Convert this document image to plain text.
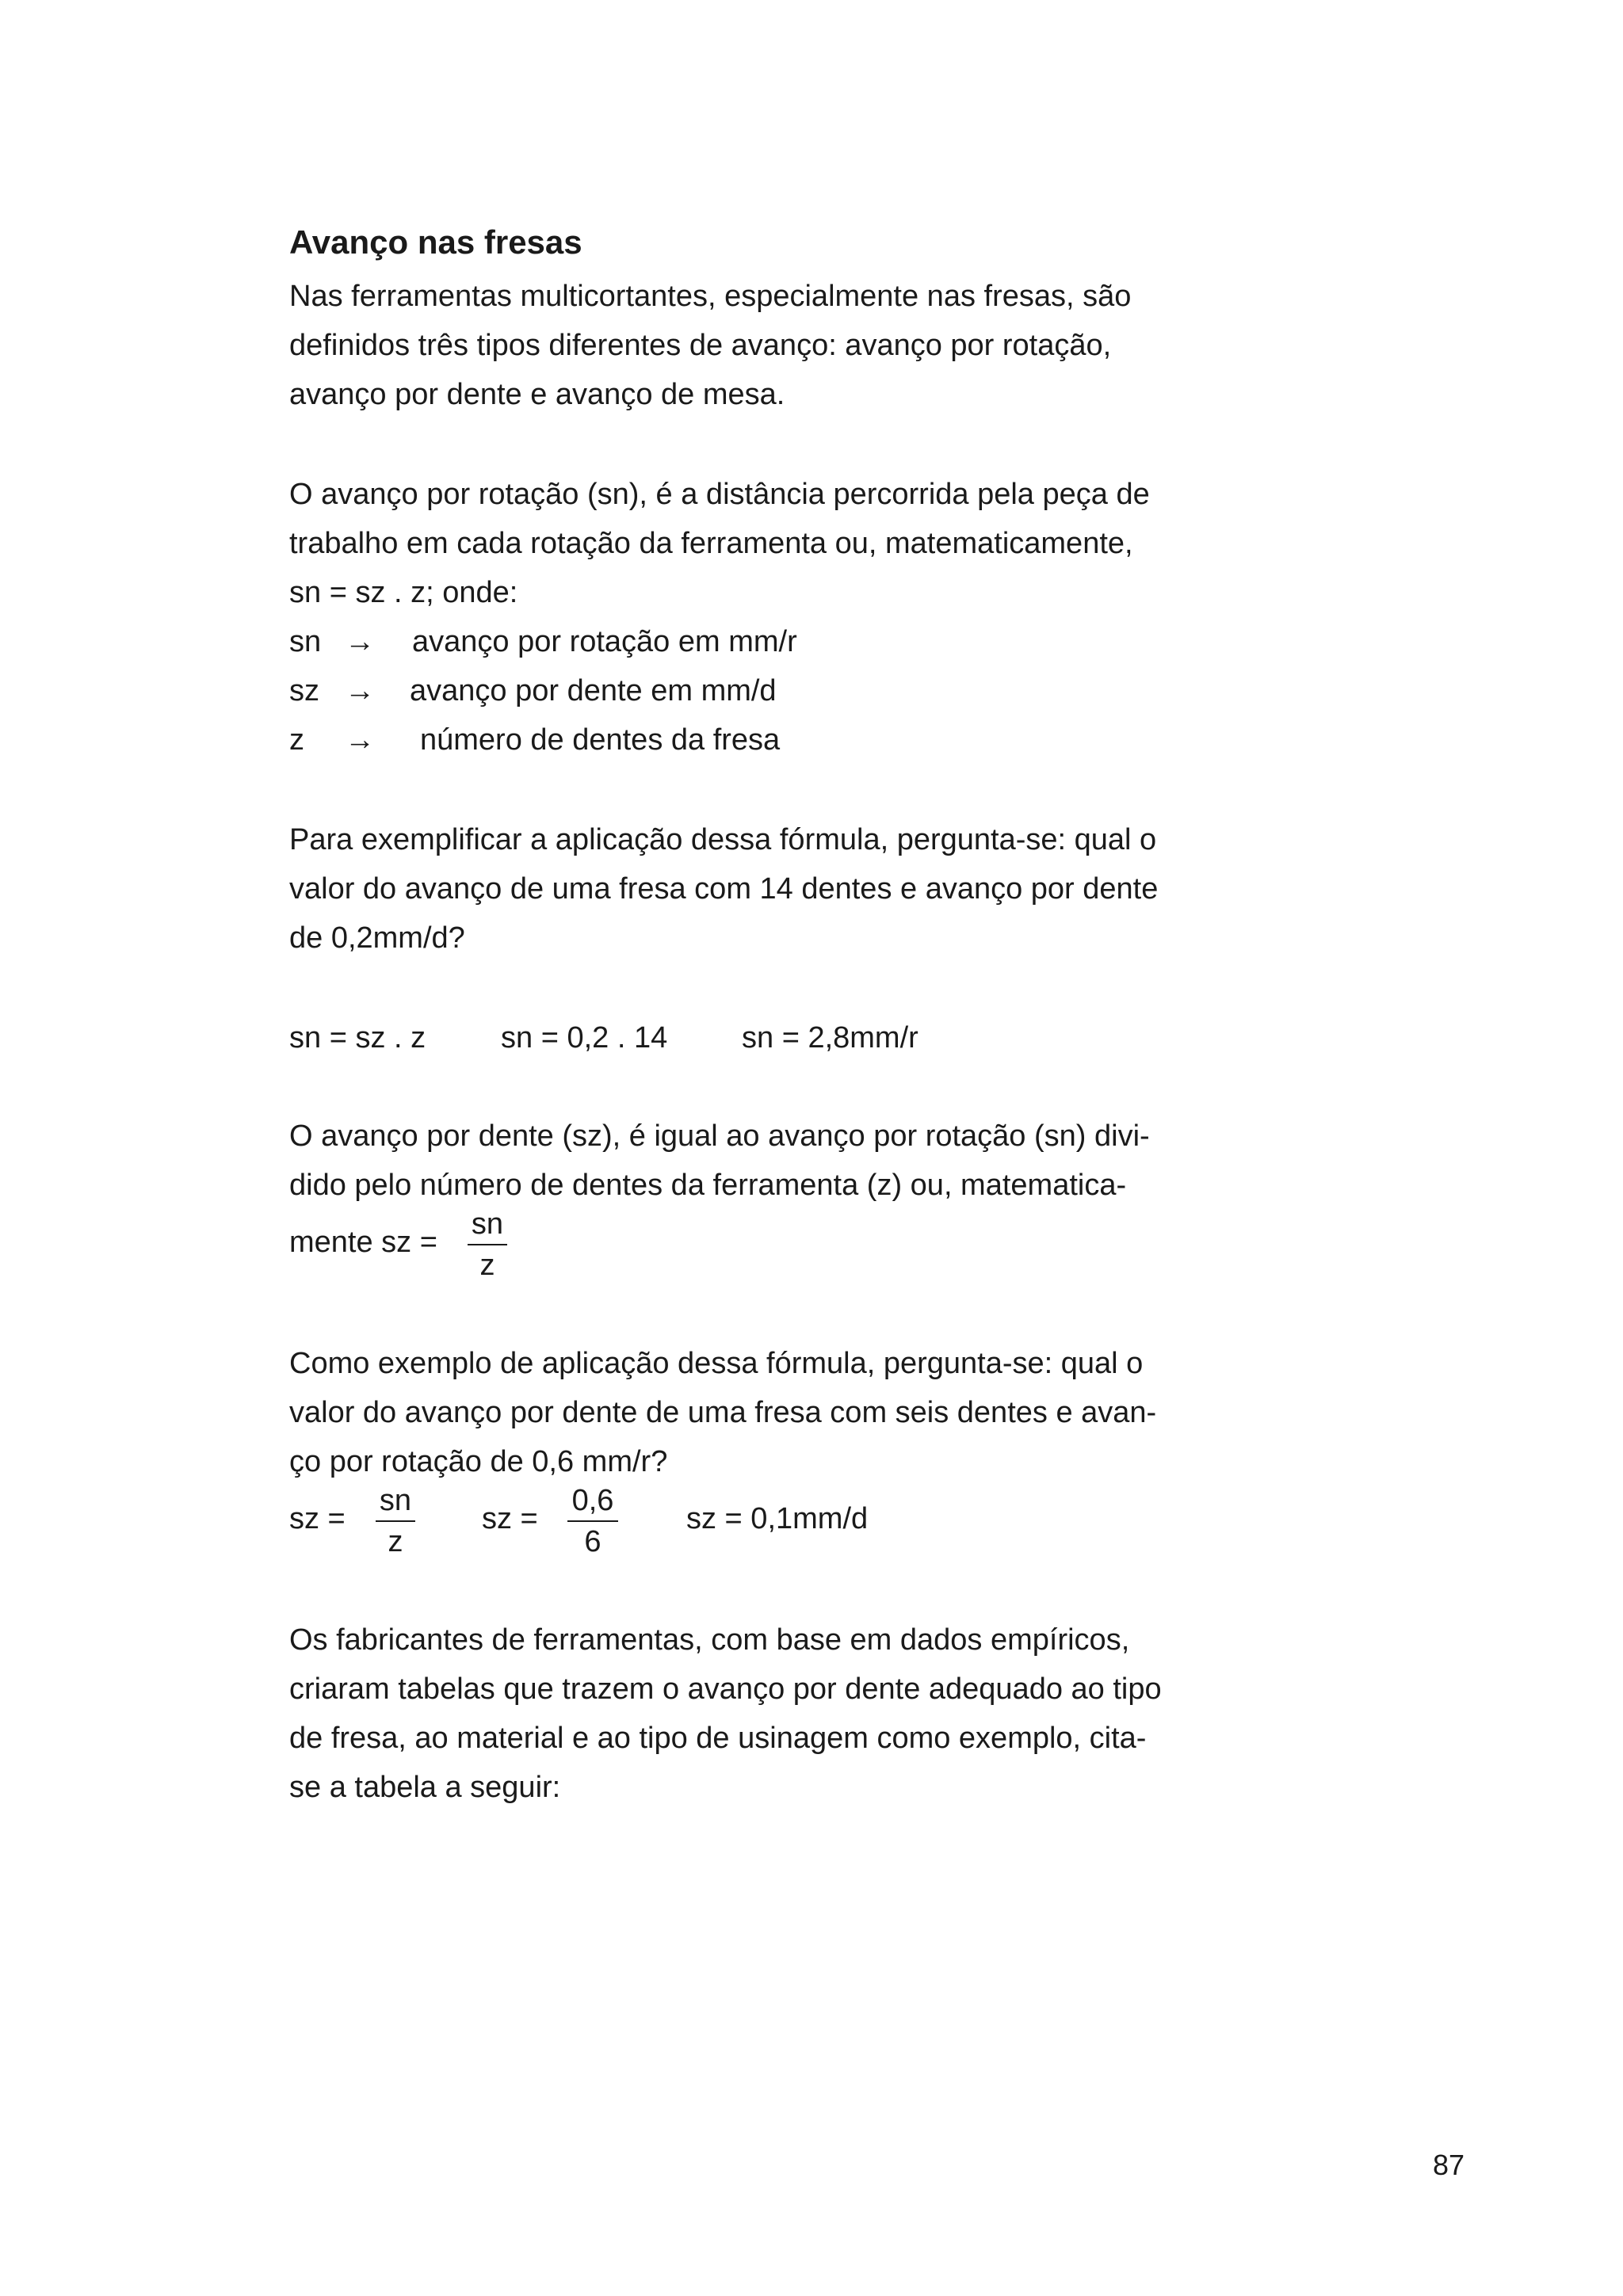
Avanço nas fresas
Nas ferramentas multicortantes, especialmente nas fresas, são
definidos três tipos diferentes de avanço: avanço por rotação,
avanço por dente e avanço de mesa.
O avanço por rotação (sn), é a distância percorrida pela peça de
trabalho em cada rotação da ferramenta ou, matematicamente,
sn = sz . z; onde:
sn → avanço por rotação em mm/r
sz → avanço por dente em mm/d
z → número de dentes da fresa
Para exemplificar a aplicação dessa fórmula, pergunta-se: qual o
valor do avanço de uma fresa com 14 dentes e avanço por dente
de 0,2mm/d?
sn = sz . z sn = 0,2 . 14 sn = 2,8mm/r
O avanço por dente (sz), é igual ao avanço por rotação (sn) divi-
dido pelo número de dentes da ferramenta (z) ou, matematica-
mente sz =
sn
z
Como exemplo de aplicação dessa fórmula, pergunta-se: qual o
valor do avanço por dente de uma fresa com seis dentes e avan-
ço por rotação de 0,6 mm/r?
sz =
sn
z
sz =
0,6
6
sz = 0,1mm/d
Os fabricantes de ferramentas, com base em dados empíricos,
criaram tabelas que trazem o avanço por dente adequado ao tipo
de fresa, ao material e ao tipo de usinagem como exemplo, cita-
se a tabela a seguir:
87
